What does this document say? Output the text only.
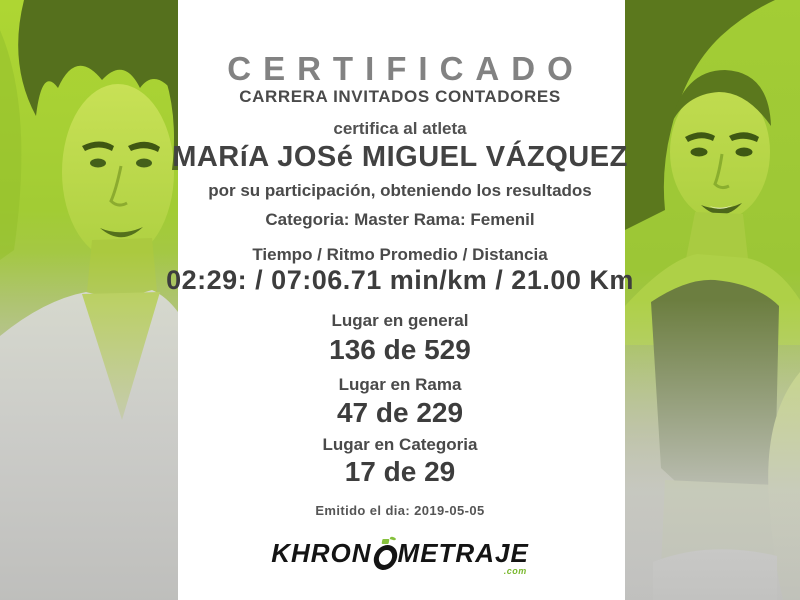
CERTIFICADO
CARRERA INVITADOS CONTADORES
certifica al atleta
MARíA JOSé MIGUEL VÁZQUEZ
por su participación, obteniendo los resultados
Categoria: Master Rama: Femenil
Tiempo / Ritmo Promedio / Distancia
02:29: / 07:06.71 min/km / 21.00 Km
Lugar en general
136 de 529
Lugar en Rama
47 de 229
Lugar en Categoria
17 de 29
Emitido el dia: 2019-05-05
KHRON METRAJE
.com
